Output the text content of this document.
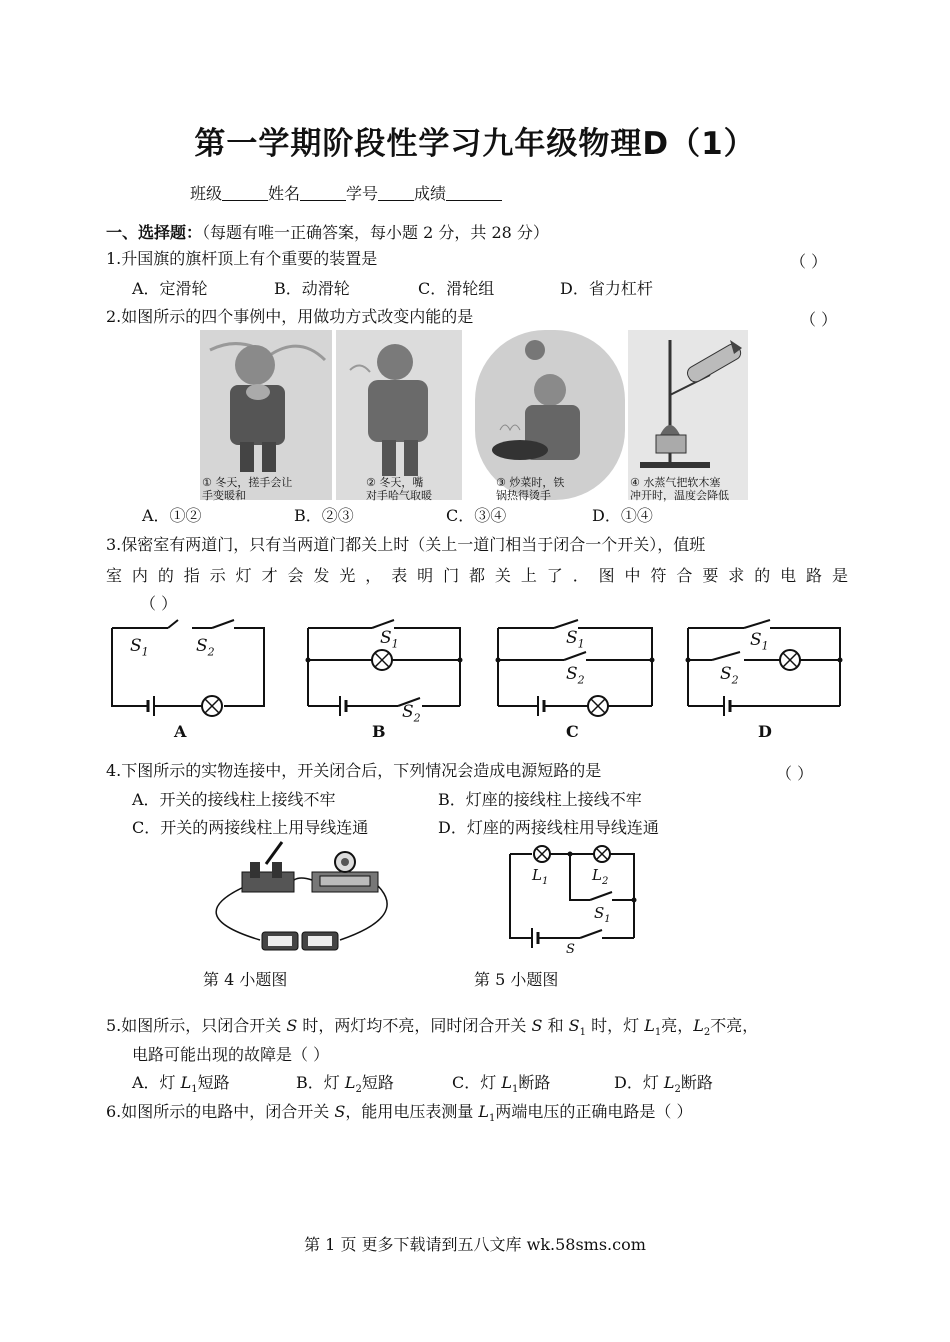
第一学期阶段性学习九年级物理D（1）
班级	姓名	学号 成绩
一、选择题：（每题有唯一正确答案，每小题 2 分，共 28 分）
1.升国旗的旗杆顶上有个重要的装置是	（ ）
A．定滑轮	B．动滑轮	C．滑轮组	D．省力杠杆
2.如图所示的四个事例中，用做功方式改变内能的是	（ ）
① 冬天，搓手会让
手变暖和
② 冬天，嘴
对手哈气取暖
③ 炒菜时，铁
锅热得烫手
④ 水蒸气把软木塞
冲开时，温度会降低
A．①②	B．②③	C．③④	D．①④
3.保密室有两道门，只有当两道门都关上时（关上一道门相当于闭合一个开关），值班
室内的指示灯才会发光，表明门都关上了．图中符合要求的电路是
（ ）
$S_1$	$S_2$
A
$S_1$
$S_2$
B
$S_1$
$S_2$
C
$S_1$
$S_2$
D
4.下图所示的实物连接中，开关闭合后，下列情况会造成电源短路的是	（ ）
A．开关的接线柱上接线不牢	B．灯座的接线柱上接线不牢
C．开关的两接线柱上用导线连通	D．灯座的两接线柱用导线连通
第 4 小题图
$L_1$	$L_2$
$S_1$
S
第 5 小题图
5.如图所示，只闭合开关 S 时，两灯均不亮，同时闭合开关 S 和 $S_1$ 时，灯 $L_1$亮，$L_2$不亮，
电路可能出现的故障是（ ）
A．灯 $L_1$短路	B．灯 $L_2$短路	C．灯 $L_1$断路	D．灯 $L_2$断路
6.如图所示的电路中，闭合开关 S，能用电压表测量 $L_1$两端电压的正确电路是（ ）
第 1 页 更多下载请到五八文库 wk.58sms.com
